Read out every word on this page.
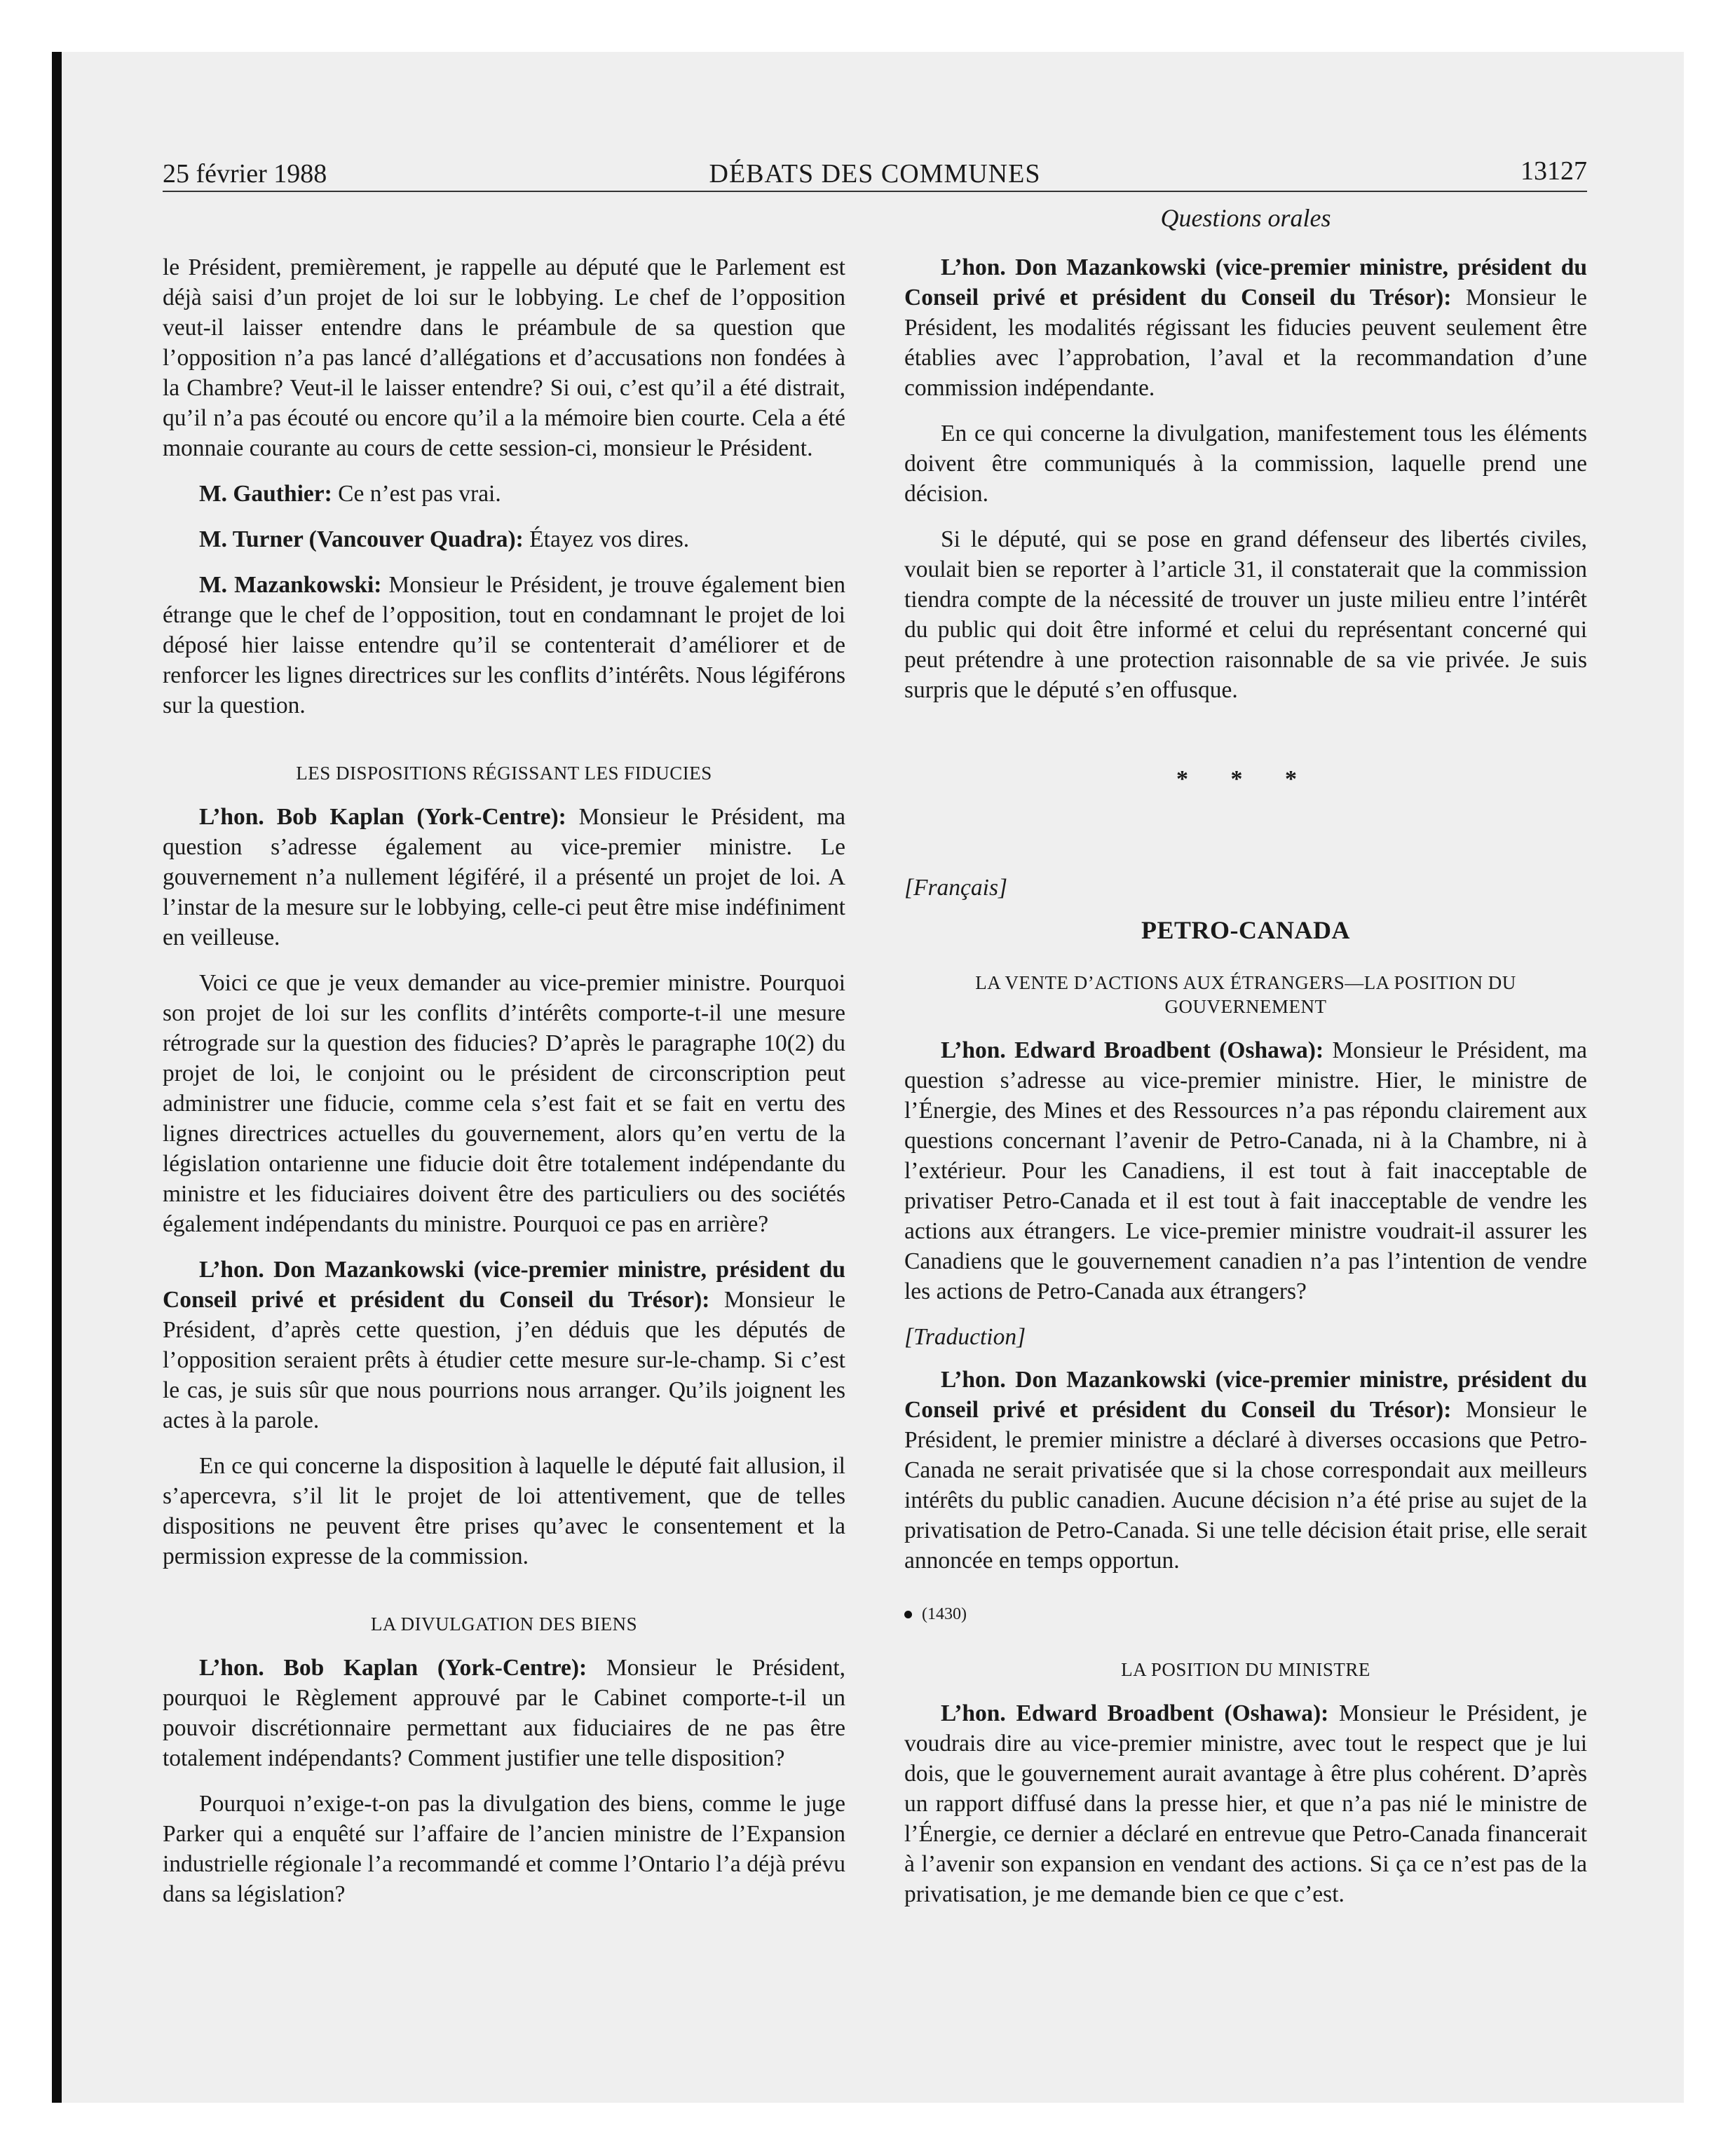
25 février 1988	DÉBATS DES COMMUNES	13127
Questions orales

le Président, premièrement, je rappelle au député que le Parlement est déjà saisi d’un projet de loi sur le lobbying. Le chef de l’opposition veut-il laisser entendre dans le préambule de sa question que l’opposition n’a pas lancé d’allégations et d’accusations non fondées à la Chambre? Veut-il le laisser entendre? Si oui, c’est qu’il a été distrait, qu’il n’a pas écouté ou encore qu’il a la mémoire bien courte. Cela a été monnaie courante au cours de cette session-ci, monsieur le Président.

M. Gauthier: Ce n’est pas vrai.

M. Turner (Vancouver Quadra): Étayez vos dires.

M. Mazankowski: Monsieur le Président, je trouve également bien étrange que le chef de l’opposition, tout en condamnant le projet de loi déposé hier laisse entendre qu’il se contenterait d’améliorer et de renforcer les lignes directrices sur les conflits d’intérêts. Nous légiférons sur la question.

LES DISPOSITIONS RÉGISSANT LES FIDUCIES

L’hon. Bob Kaplan (York-Centre): Monsieur le Président, ma question s’adresse également au vice-premier ministre. Le gouvernement n’a nullement légiféré, il a présenté un projet de loi. A l’instar de la mesure sur le lobbying, celle-ci peut être mise indéfiniment en veilleuse.

Voici ce que je veux demander au vice-premier ministre. Pourquoi son projet de loi sur les conflits d’intérêts comporte-t-il une mesure rétrograde sur la question des fiducies? D’après le paragraphe 10(2) du projet de loi, le conjoint ou le président de circonscription peut administrer une fiducie, comme cela s’est fait et se fait en vertu des lignes directrices actuelles du gouvernement, alors qu’en vertu de la législation ontarienne une fiducie doit être totalement indépendante du ministre et les fiduciaires doivent être des particuliers ou des sociétés également indépendants du ministre. Pourquoi ce pas en arrière?

L’hon. Don Mazankowski (vice-premier ministre, président du Conseil privé et président du Conseil du Trésor): Monsieur le Président, d’après cette question, j’en déduis que les députés de l’opposition seraient prêts à étudier cette mesure sur-le-champ. Si c’est le cas, je suis sûr que nous pourrions nous arranger. Qu’ils joignent les actes à la parole.

En ce qui concerne la disposition à laquelle le député fait allusion, il s’apercevra, s’il lit le projet de loi attentivement, que de telles dispositions ne peuvent être prises qu’avec le consentement et la permission expresse de la commission.

LA DIVULGATION DES BIENS

L’hon. Bob Kaplan (York-Centre): Monsieur le Président, pourquoi le Règlement approuvé par le Cabinet comporte-t-il un pouvoir discrétionnaire permettant aux fiduciaires de ne pas être totalement indépendants? Comment justifier une telle disposition?

Pourquoi n’exige-t-on pas la divulgation des biens, comme le juge Parker qui a enquêté sur l’affaire de l’ancien ministre de l’Expansion industrielle régionale l’a recommandé et comme l’Ontario l’a déjà prévu dans sa législation?

L’hon. Don Mazankowski (vice-premier ministre, président du Conseil privé et président du Conseil du Trésor): Monsieur le Président, les modalités régissant les fiducies peuvent seulement être établies avec l’approbation, l’aval et la recommandation d’une commission indépendante.

En ce qui concerne la divulgation, manifestement tous les éléments doivent être communiqués à la commission, laquelle prend une décision.

Si le député, qui se pose en grand défenseur des libertés civiles, voulait bien se reporter à l’article 31, il constaterait que la commission tiendra compte de la nécessité de trouver un juste milieu entre l’intérêt du public qui doit être informé et celui du représentant concerné qui peut prétendre à une protection raisonnable de sa vie privée. Je suis surpris que le député s’en offusque.

* * *

[Français]

PETRO-CANADA
LA VENTE D’ACTIONS AUX ÉTRANGERS—LA POSITION DU GOUVERNEMENT

L’hon. Edward Broadbent (Oshawa): Monsieur le Président, ma question s’adresse au vice-premier ministre. Hier, le ministre de l’Énergie, des Mines et des Ressources n’a pas répondu clairement aux questions concernant l’avenir de Petro-Canada, ni à la Chambre, ni à l’extérieur. Pour les Canadiens, il est tout à fait inacceptable de privatiser Petro-Canada et il est tout à fait inacceptable de vendre les actions aux étrangers. Le vice-premier ministre voudrait-il assurer les Canadiens que le gouvernement canadien n’a pas l’intention de vendre les actions de Petro-Canada aux étrangers?

[Traduction]

L’hon. Don Mazankowski (vice-premier ministre, président du Conseil privé et président du Conseil du Trésor): Monsieur le Président, le premier ministre a déclaré à diverses occasions que Petro-Canada ne serait privatisée que si la chose correspondait aux meilleurs intérêts du public canadien. Aucune décision n’a été prise au sujet de la privatisation de Petro-Canada. Si une telle décision était prise, elle serait annoncée en temps opportun.

(1430)
LA POSITION DU MINISTRE

L’hon. Edward Broadbent (Oshawa): Monsieur le Président, je voudrais dire au vice-premier ministre, avec tout le respect que je lui dois, que le gouvernement aurait avantage à être plus cohérent. D’après un rapport diffusé dans la presse hier, et que n’a pas nié le ministre de l’Énergie, ce dernier a déclaré en entrevue que Petro-Canada financerait à l’avenir son expansion en vendant des actions. Si ça ce n’est pas de la privatisation, je me demande bien ce que c’est.
